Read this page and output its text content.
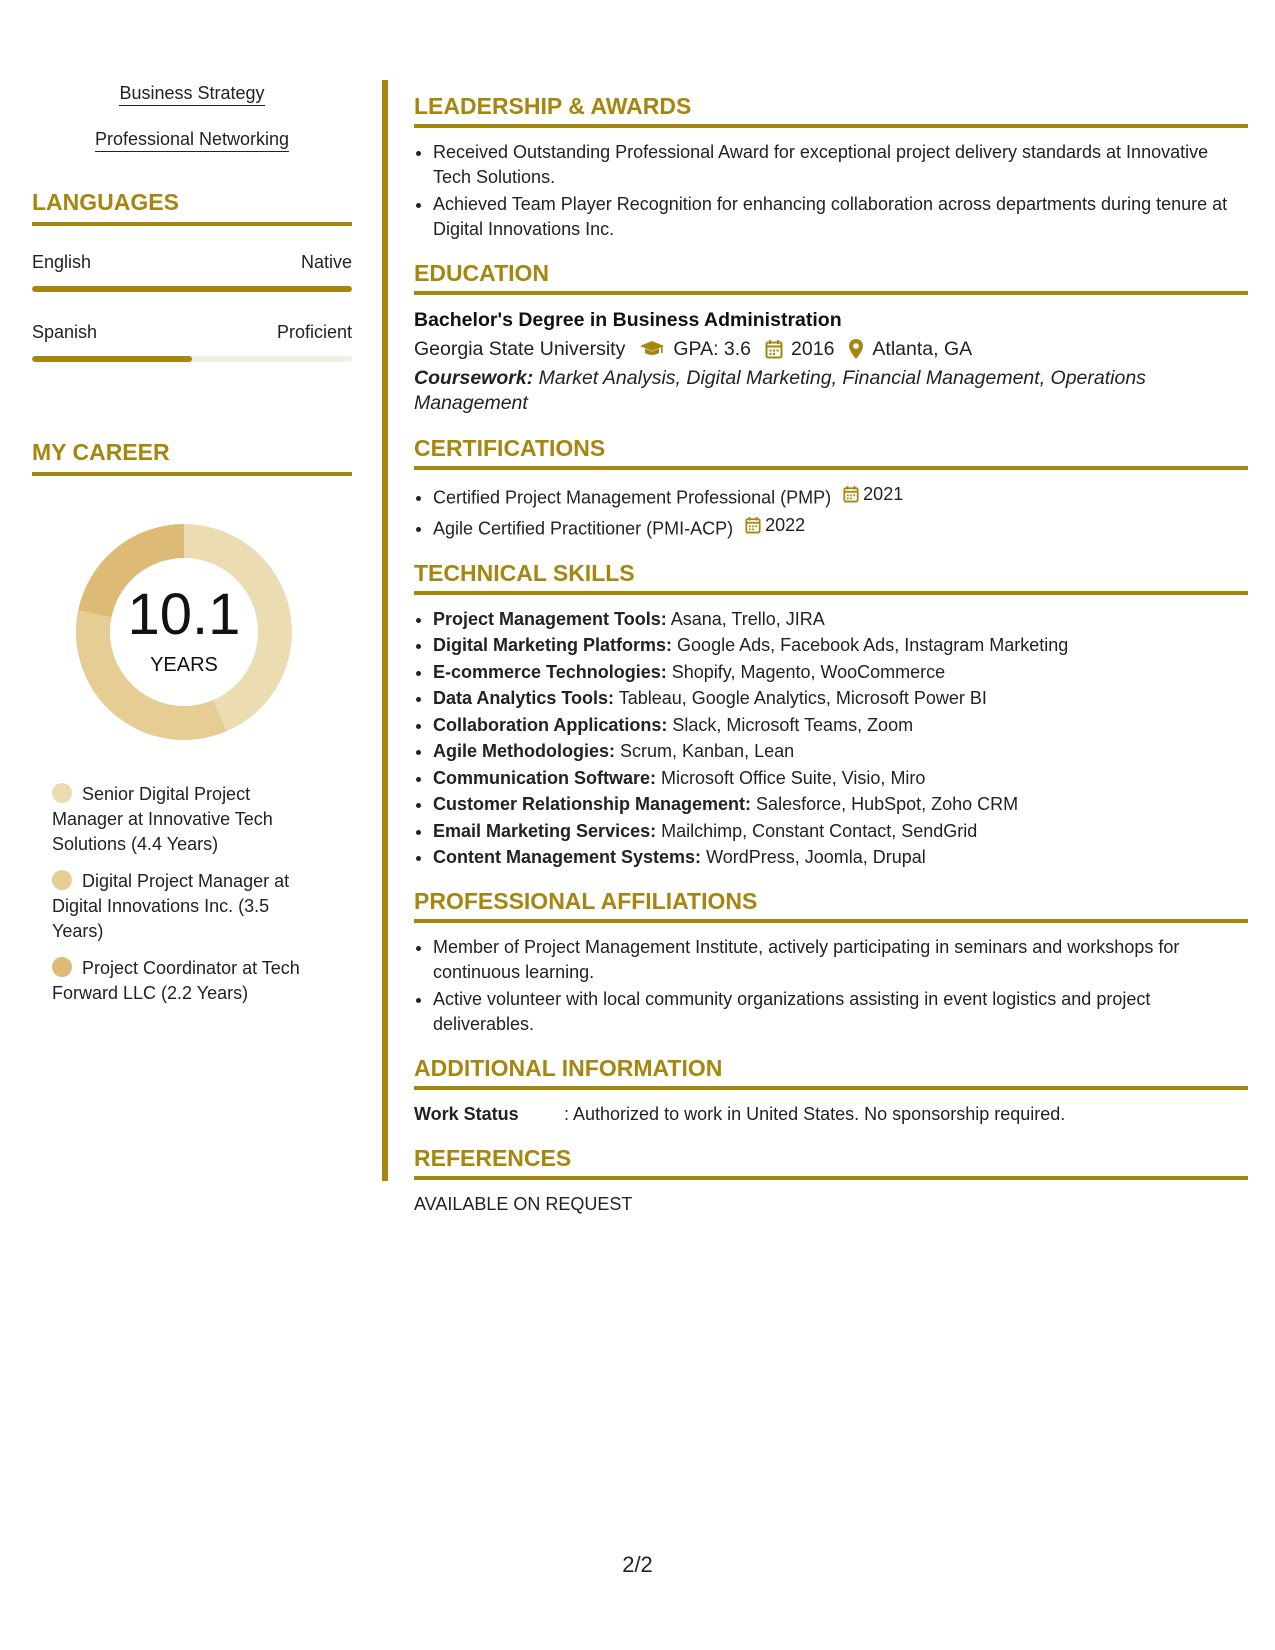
Business Strategy
Professional Networking
LANGUAGES
English	Native
Spanish	Proficient
MY CAREER
10.1
YEARS
Senior Digital Project Manager at Innovative Tech Solutions (4.4 Years)
Digital Project Manager at Digital Innovations Inc. (3.5 Years)
Project Coordinator at Tech Forward LLC (2.2 Years)
LEADERSHIP & AWARDS
• Received Outstanding Professional Award for exceptional project delivery standards at Innovative Tech Solutions.
• Achieved Team Player Recognition for enhancing collaboration across departments during tenure at Digital Innovations Inc.
EDUCATION
Bachelor's Degree in Business Administration
Georgia State University GPA: 3.6 2016 Atlanta, GA
Coursework: Market Analysis, Digital Marketing, Financial Management, Operations Management
CERTIFICATIONS
• Certified Project Management Professional (PMP) 2021
• Agile Certified Practitioner (PMI-ACP) 2022
TECHNICAL SKILLS
• Project Management Tools: Asana, Trello, JIRA
• Digital Marketing Platforms: Google Ads, Facebook Ads, Instagram Marketing
• E-commerce Technologies: Shopify, Magento, WooCommerce
• Data Analytics Tools: Tableau, Google Analytics, Microsoft Power BI
• Collaboration Applications: Slack, Microsoft Teams, Zoom
• Agile Methodologies: Scrum, Kanban, Lean
• Communication Software: Microsoft Office Suite, Visio, Miro
• Customer Relationship Management: Salesforce, HubSpot, Zoho CRM
• Email Marketing Services: Mailchimp, Constant Contact, SendGrid
• Content Management Systems: WordPress, Joomla, Drupal
PROFESSIONAL AFFILIATIONS
• Member of Project Management Institute, actively participating in seminars and workshops for continuous learning.
• Active volunteer with local community organizations assisting in event logistics and project deliverables.
ADDITIONAL INFORMATION
Work Status	: Authorized to work in United States. No sponsorship required.
REFERENCES
AVAILABLE ON REQUEST
2/2
